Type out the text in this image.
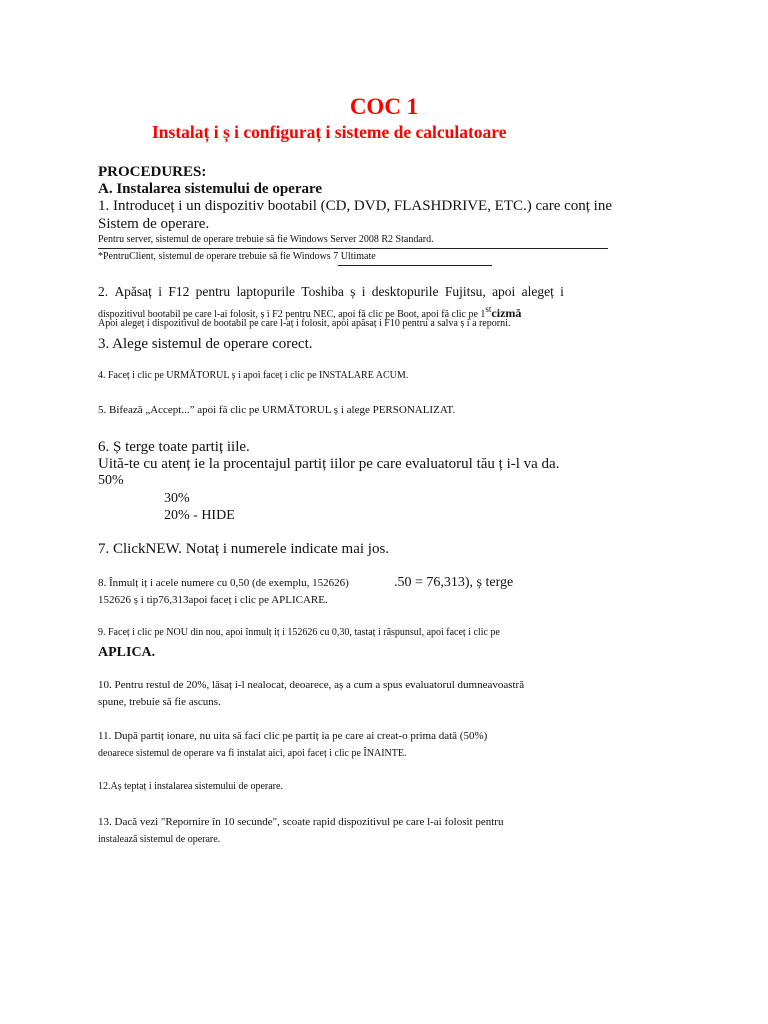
COC 1
Instalaț i ș i configuraț i sisteme de calculatoare
PROCEDURES:
A. Instalarea sistemului de operare
1. Introduceț i un dispozitiv bootabil (CD, DVD, FLASHDRIVE, ETC.) care conț ine
Sistem de operare.
Pentru server, sistemul de operare trebuie să fie Windows Server 2008 R2 Standard.
*PentruClient, sistemul de operare trebuie să fie Windows 7 Ultimate
2. Apăsaț i F12 pentru laptopurile Toshiba ș i desktopurile Fujitsu, apoi alegeț i
dispozitivul bootabil pe care l-ai folosit, ș i F2 pentru NEC, apoi fă clic pe Boot, apoi fă clic pe 1stcizmă
Apoi alegeț i dispozitivul de bootabil pe care l-aț i folosit, apoi apăsaț i F10 pentru a salva ș i a reporni.
3. Alege sistemul de operare corect.
4. Faceț i clic pe URMĂTORUL ș i apoi faceț i clic pe INSTALARE ACUM.
5. Bifează „Accept...” apoi fă clic pe URMĂTORUL ș i alege PERSONALIZAT.
6. Ș terge toate partiț iile.
Uită-te cu atenț ie la procentajul partiț iilor pe care evaluatorul tău ț i-l va da.
50%
30%
20% - HIDE
7. ClickNEW. Notaț i numerele indicate mai jos.
8. Înmulț iț i acele numere cu 0,50 (de exemplu, 152626)	.50 = 76,313), ș terge
152626 ș i tip76,313apoi faceț i clic pe APLICARE.
9. Faceț i clic pe NOU din nou, apoi înmulț iț i 152626 cu 0,30, tastaț i răspunsul, apoi faceț i clic pe
APLICA.
10. Pentru restul de 20%, lăsaț i-l nealocat, deoarece, aș a cum a spus evaluatorul dumneavoastră
spune, trebuie să fie ascuns.
11. După partiț ionare, nu uita să faci clic pe partiț ia pe care ai creat-o prima dată (50%)
deoarece sistemul de operare va fi instalat aici, apoi faceț i clic pe ÎNAINTE.
12.Aș teptaț i instalarea sistemului de operare.
13. Dacă vezi "Repornire în 10 secunde", scoate rapid dispozitivul pe care l-ai folosit pentru
instalează sistemul de operare.
